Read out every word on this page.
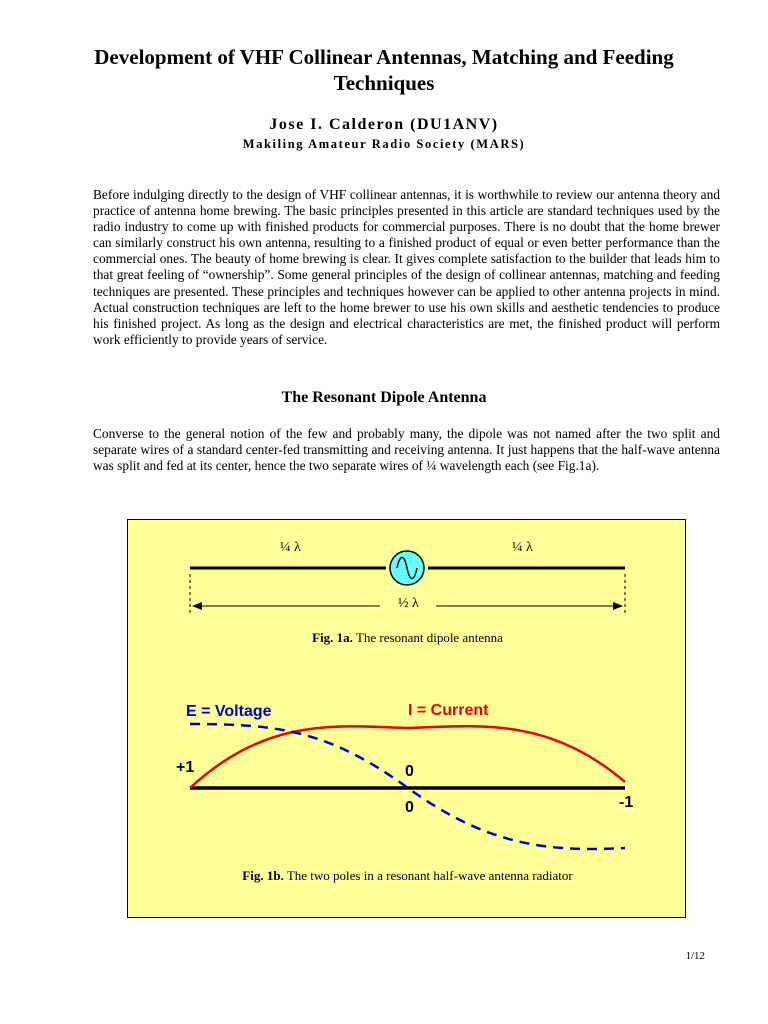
Development of VHF Collinear Antennas, Matching and Feeding Techniques
Jose I. Calderon (DU1ANV)
Makiling Amateur Radio Society (MARS)

Before indulging directly to the design of VHF collinear antennas, it is worthwhile to review our antenna theory and practice of antenna home brewing. The basic principles presented in this article are standard techniques used by the radio industry to come up with finished products for commercial purposes. There is no doubt that the home brewer can similarly construct his own antenna, resulting to a finished product of equal or even better performance than the commercial ones. The beauty of home brewing is clear. It gives complete satisfaction to the builder that leads him to that great feeling of “ownership”. Some general principles of the design of collinear antennas, matching and feeding techniques are presented. These principles and techniques however can be applied to other antenna projects in mind. Actual construction techniques are left to the home brewer to use his own skills and aesthetic tendencies to produce his finished project. As long as the design and electrical characteristics are met, the finished product will perform work efficiently to provide years of service.

The Resonant Dipole Antenna

Converse to the general notion of the few and probably many, the dipole was not named after the two split and separate wires of a standard center-fed transmitting and receiving antenna. It just happens that the half-wave antenna was split and fed at its center, hence the two separate wires of ¼ wavelength each (see Fig.1a).

¼ λ	¼ λ
½ λ
Fig. 1a. The resonant dipole antenna
E = Voltage	I = Current
+1	0
0	-1
Fig. 1b. The two poles in a resonant half-wave antenna radiator
1/12
